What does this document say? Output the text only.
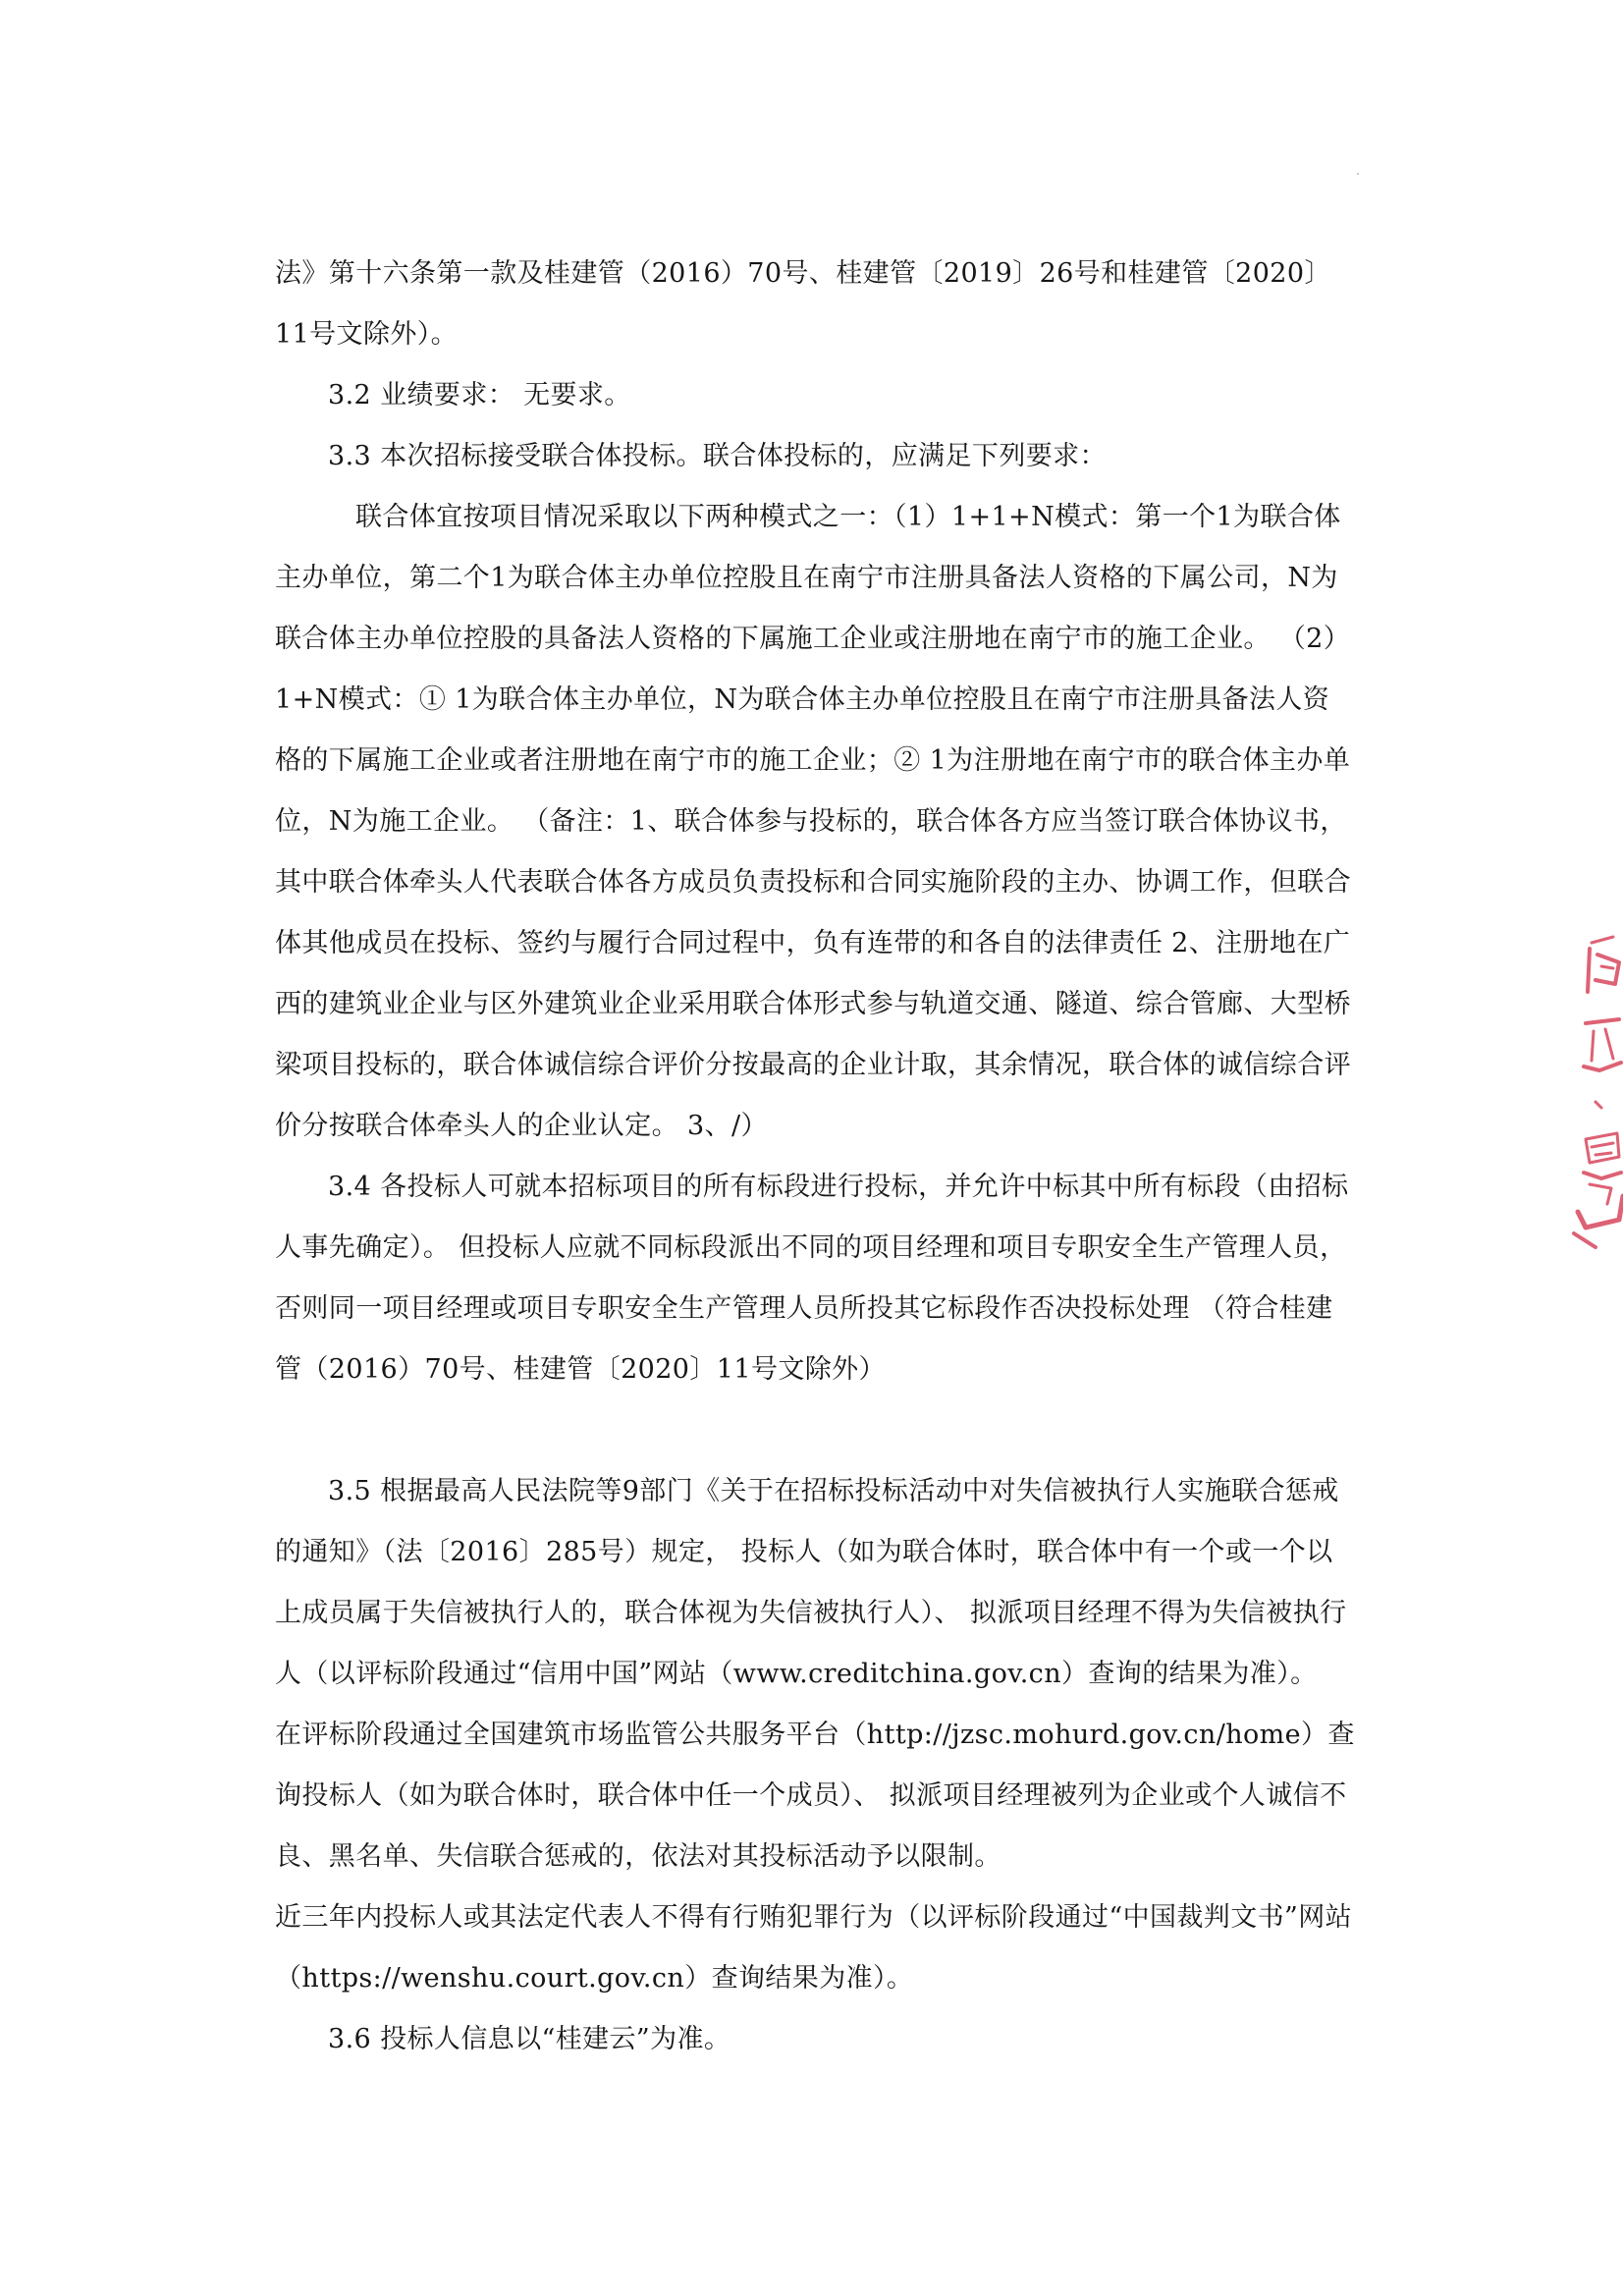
法》第十六条第一款及桂建管（2016）70号、桂建管〔2019〕26号和桂建管〔2020〕11号文除外）。

3.2 业绩要求： 无要求。

3.3 本次招标接受联合体投标。联合体投标的，应满足下列要求：

联合体宜按项目情况采取以下两种模式之一：（1）1+1+N模式：第一个1为联合体主办单位，第二个1为联合体主办单位控股且在南宁市注册具备法人资格的下属公司，N为联合体主办单位控股的具备法人资格的下属施工企业或注册地在南宁市的施工企业。 （2）1+N模式：① 1为联合体主办单位，N为联合体主办单位控股且在南宁市注册具备法人资格的下属施工企业或者注册地在南宁市的施工企业；② 1为注册地在南宁市的联合体主办单位，N为施工企业。 （备注：1、联合体参与投标的，联合体各方应当签订联合体协议书，其中联合体牵头人代表联合体各方成员负责投标和合同实施阶段的主办、协调工作，但联合体其他成员在投标、签约与履行合同过程中，负有连带的和各自的法律责任 2、注册地在广西的建筑业企业与区外建筑业企业采用联合体形式参与轨道交通、隧道、综合管廊、大型桥梁项目投标的，联合体诚信综合评价分按最高的企业计取，其余情况，联合体的诚信综合评价分按联合体牵头人的企业认定。 3、/）

3.4 各投标人可就本招标项目的所有标段进行投标，并允许中标其中所有标段（由招标人事先确定）。 但投标人应就不同标段派出不同的项目经理和项目专职安全生产管理人员，否则同一项目经理或项目专职安全生产管理人员所投其它标段作否决投标处理 （符合桂建管（2016）70号、桂建管〔2020〕11号文除外）

3.5 根据最高人民法院等9部门《关于在招标投标活动中对失信被执行人实施联合惩戒的通知》（法〔2016〕285号）规定， 投标人（如为联合体时，联合体中有一个或一个以上成员属于失信被执行人的，联合体视为失信被执行人）、 拟派项目经理不得为失信被执行人（以评标阶段通过“信用中国”网站（www.creditchina.gov.cn）查询的结果为准）。

在评标阶段通过全国建筑市场监管公共服务平台（http://jzsc.mohurd.gov.cn/home）查询投标人（如为联合体时，联合体中任一个成员）、 拟派项目经理被列为企业或个人诚信不良、黑名单、失信联合惩戒的，依法对其投标活动予以限制。

近三年内投标人或其法定代表人不得有行贿犯罪行为（以评标阶段通过“中国裁判文书”网站（https://wenshu.court.gov.cn）查询结果为准）。

3.6 投标人信息以“桂建云”为准。
